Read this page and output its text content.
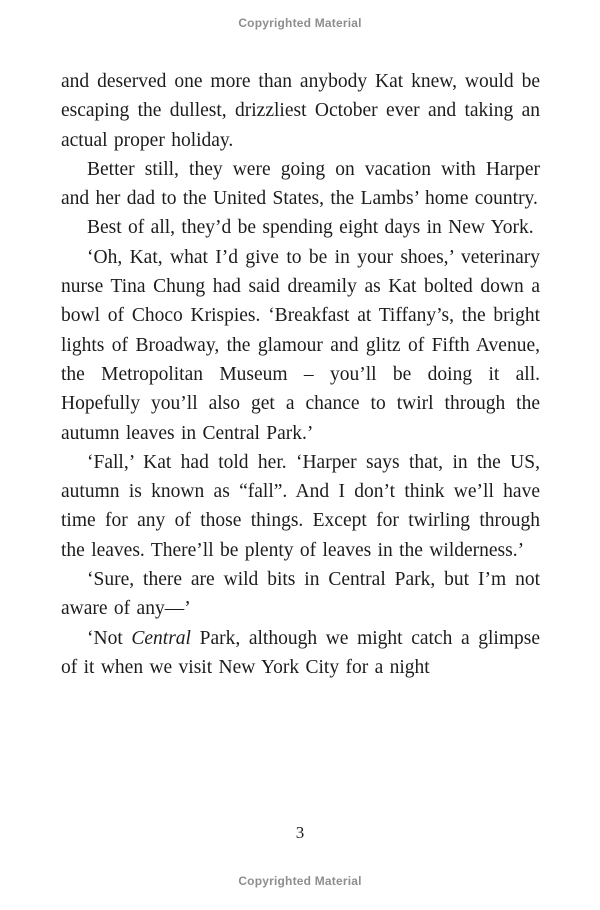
Copyrighted Material

and deserved one more than anybody Kat knew, would be escaping the dullest, drizzliest October ever and taking an actual proper holiday.

Better still, they were going on vacation with Harper and her dad to the United States, the Lambs’ home country.

Best of all, they’d be spending eight days in New York.

‘Oh, Kat, what I’d give to be in your shoes,’ veterinary nurse Tina Chung had said dreamily as Kat bolted down a bowl of Choco Krispies. ‘Breakfast at Tiffany’s, the bright lights of Broadway, the glamour and glitz of Fifth Avenue, the Metropolitan Museum – you’ll be doing it all. Hopefully you’ll also get a chance to twirl through the autumn leaves in Central Park.’

‘Fall,’ Kat had told her. ‘Harper says that, in the US, autumn is known as “fall”. And I don’t think we’ll have time for any of those things. Except for twirling through the leaves. There’ll be plenty of leaves in the wilderness.’

‘Sure, there are wild bits in Central Park, but I’m not aware of any—’

‘Not Central Park, although we might catch a glimpse of it when we visit New York City for a night

3
Copyrighted Material
